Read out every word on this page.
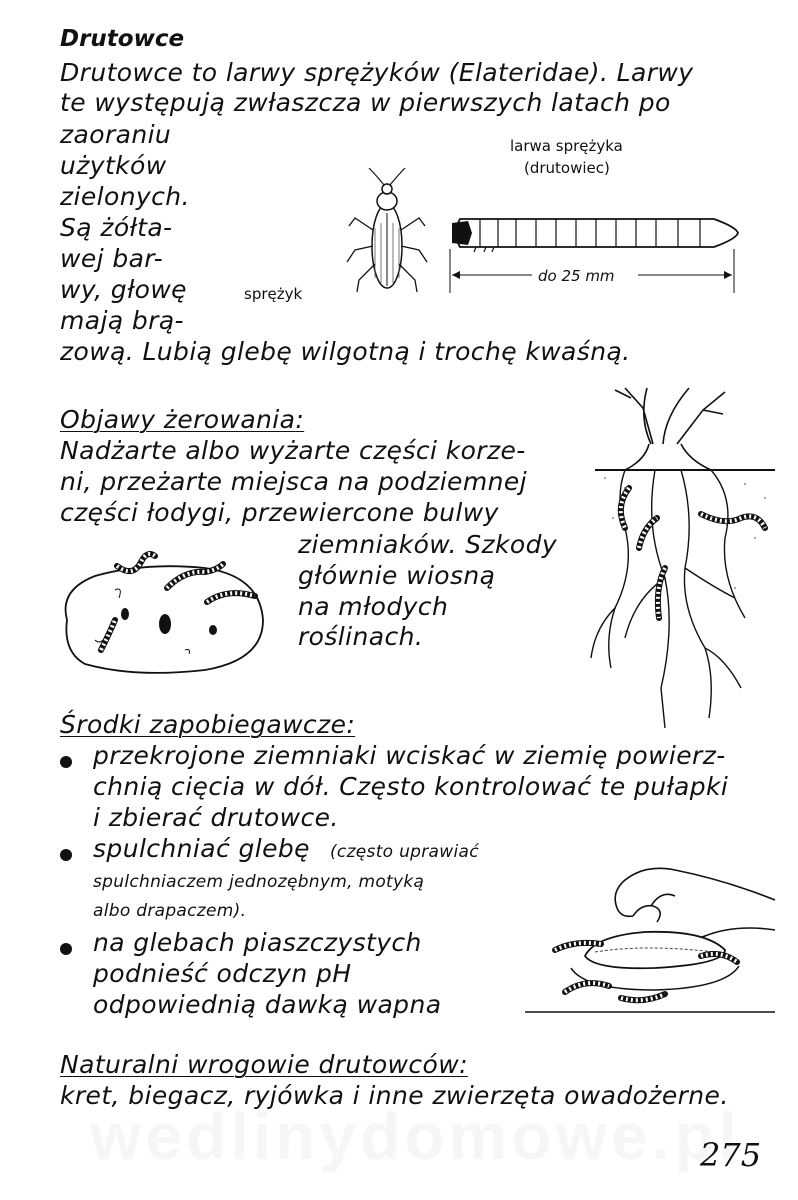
Drutowce

Drutowce to larwy sprężyków (Elateridae). Larwy

te występują zwłaszcza w pierwszych latach po

zaoraniu

użytków

zielonych.

Są żółta-

wej bar-

wy, głowę

mają brą-

zową. Lubią glebę wilgotną i trochę kwaśną.

sprężyk
larwa sprężyka
(drutowiec)
do 25 mm

Objawy żerowania:

Nadżarte albo wyżarte części korze-

ni, przeżarte miejsca na podziemnej

części łodygi, przewiercone bulwy

ziemniaków. Szkody

głównie wiosną

na młodych

roślinach.

Środki zapobiegawcze:

przekrojone ziemniaki wciskać w ziemię powierz-

chnią cięcia w dół. Często kontrolować te pułapki

i zbierać drutowce.

spulchniać glebę (często uprawiać
spulchniaczem jednozębnym, motyką
albo drapaczem).

na glebach piaszczystych

podnieść odczyn pH

odpowiednią dawką wapna

Naturalni wrogowie drutowców:

kret, biegacz, ryjówka i inne zwierzęta owadożerne.

275
